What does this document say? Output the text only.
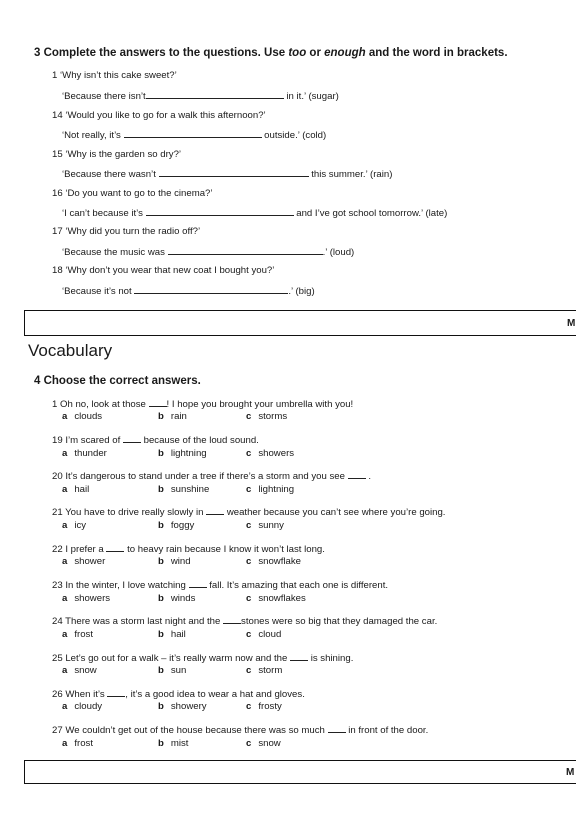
3 Complete the answers to the questions. Use too or enough and the word in brackets.
1 ‘Why isn’t this cake sweet?’
‘Because there isn’t	in it.’ (sugar)
14 ‘Would you like to go for a walk this afternoon?’
‘Not really, it’s	outside.’ (cold)
15 ‘Why is the garden so dry?’
‘Because there wasn’t	this summer.’ (rain)
16 ‘Do you want to go to the cinema?’
‘I can’t because it’s	and I’ve got school tomorrow.’ (late)
17 ‘Why did you turn the radio off?’
‘Because the music was	.’ (loud)
18 ‘Why don’t you wear that new coat I bought you?’
‘Because it’s not	.’ (big)
M
Vocabulary
4 Choose the correct answers.
1 Oh no, look at those ! I hope you brought your umbrella with you!
a clouds	b rain	c storms
19 I’m scared of because of the loud sound.
a thunder	b lightning	c showers
20 It’s dangerous to stand under a tree if there’s a storm and you see .
a hail	b sunshine	c lightning
21 You have to drive really slowly in weather because you can’t see where you’re going.
a icy	b foggy	c sunny
22 I prefer a to heavy rain because I know it won’t last long.
a shower	b wind	c snowflake
23 In the winter, I love watching fall. It’s amazing that each one is different.
a showers	b winds	c snowflakes
24 There was a storm last night and the stones were so big that they damaged the car.
a frost	b hail	c cloud
25 Let’s go out for a walk – it’s really warm now and the is shining.
a snow	b sun	c storm
26 When it’s , it’s a good idea to wear a hat and gloves.
a cloudy	b showery	c frosty
27 We couldn’t get out of the house because there was so much in front of the door.
a frost	b mist	c snow
M
